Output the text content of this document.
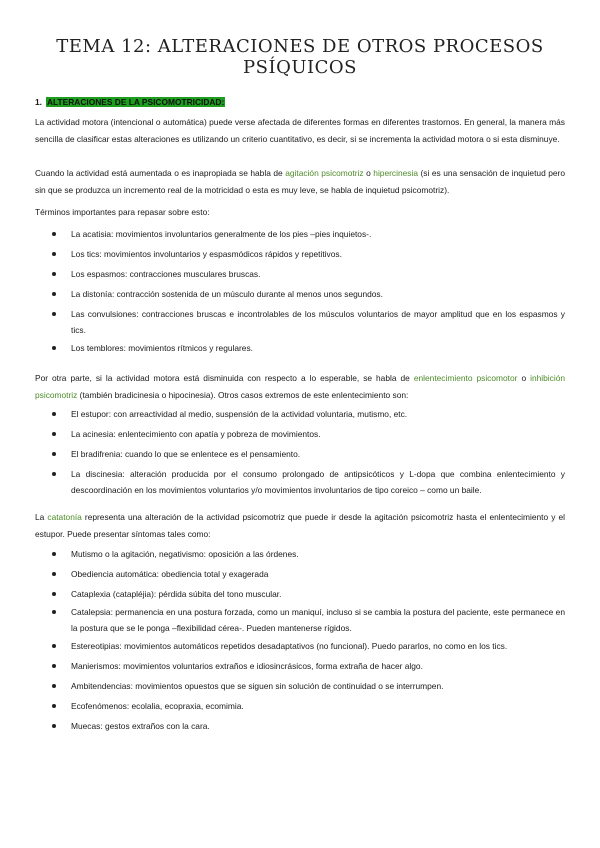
TEMA 12: ALTERACIONES DE OTROS PROCESOS PSÍQUICOS
1. ALTERACIONES DE LA PSICOMOTRICIDAD:
La actividad motora (intencional o automática) puede verse afectada de diferentes formas en diferentes trastornos. En general, la manera más sencilla de clasificar estas alteraciones es utilizando un criterio cuantitativo, es decir, si se incrementa la actividad motora o si esta disminuye.
Cuando la actividad está aumentada o es inapropiada se habla de agitación psicomotriz o hipercinesia (si es una sensación de inquietud pero sin que se produzca un incremento real de la motricidad o esta es muy leve, se habla de inquietud psicomotriz).
Términos importantes para repasar sobre esto:
La acatisia: movimientos involuntarios generalmente de los pies –pies inquietos-.
Los tics: movimientos involuntarios y espasmódicos rápidos y repetitivos.
Los espasmos: contracciones musculares bruscas.
La distonía: contracción sostenida de un músculo durante al menos unos segundos.
Las convulsiones: contracciones bruscas e incontrolables de los músculos voluntarios de mayor amplitud que en los espasmos y tics.
Los temblores: movimientos rítmicos y regulares.
Por otra parte, si la actividad motora está disminuida con respecto a lo esperable, se habla de enlentecimiento psicomotor o inhibición psicomotriz (también bradicinesia o hipocinesia). Otros casos extremos de este enlentecimiento son:
El estupor: con arreactividad al medio, suspensión de la actividad voluntaria, mutismo, etc.
La acinesia: enlentecimiento con apatía y pobreza de movimientos.
El bradifrenia: cuando lo que se enlentece es el pensamiento.
La discinesia: alteración producida por el consumo prolongado de antipsicóticos y L-dopa que combina enlentecimiento y descoordinación en los movimientos voluntarios y/o movimientos involuntarios de tipo coreico – como un baile.
La catatonía representa una alteración de la actividad psicomotriz que puede ir desde la agitación psicomotriz hasta el enlentecimiento y el estupor. Puede presentar síntomas tales como:
Mutismo o la agitación, negativismo: oposición a las órdenes.
Obediencia automática: obediencia total y exagerada
Cataplexia (catapléjia): pérdida súbita del tono muscular.
Catalepsia: permanencia en una postura forzada, como un maniquí, incluso si se cambia la postura del paciente, este permanece en la postura que se le ponga –flexibilidad cérea-. Pueden mantenerse rígidos.
Estereotipias: movimientos automáticos repetidos desadaptativos (no funcional). Puedo pararlos, no como en los tics.
Manierismos: movimientos voluntarios extraños e idiosincrásicos, forma extraña de hacer algo.
Ambitendencias: movimientos opuestos que se siguen sin solución de continuidad o se interrumpen.
Ecofenómenos: ecolalia, ecopraxia, ecomimia.
Muecas: gestos extraños con la cara.
